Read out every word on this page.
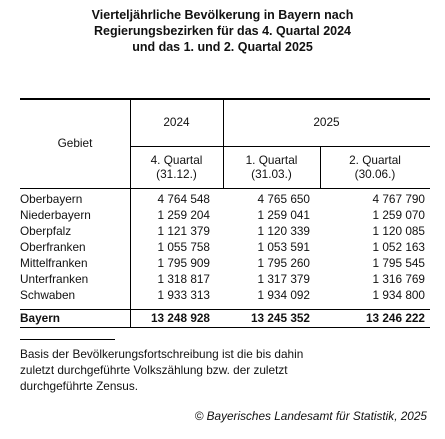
Vierteljährliche Bevölkerung in Bayern nach
Regierungsbezirken für das 4. Quartal 2024
und das 1. und 2. Quartal 2025
Gebiet
2024	2025
4. Quartal
(31.12.)
1. Quartal
(31.03.)
2. Quartal
(30.06.)
Oberbayern	4 764 548	4 765 650	4 767 790
Niederbayern	1 259 204	1 259 041	1 259 070
Oberpfalz	1 121 379	1 120 339	1 120 085
Oberfranken	1 055 758	1 053 591	1 052 163
Mittelfranken	1 795 909	1 795 260	1 795 545
Unterfranken	1 318 817	1 317 379	1 316 769
Schwaben	1 933 313	1 934 092	1 934 800
Bayern	13 248 928	13 245 352	13 246 222
Basis der Bevölkerungsfortschreibung ist die bis dahin
zuletzt durchgeführte Volkszählung bzw. der zuletzt
durchgeführte Zensus.
© Bayerisches Landesamt für Statistik, 2025
